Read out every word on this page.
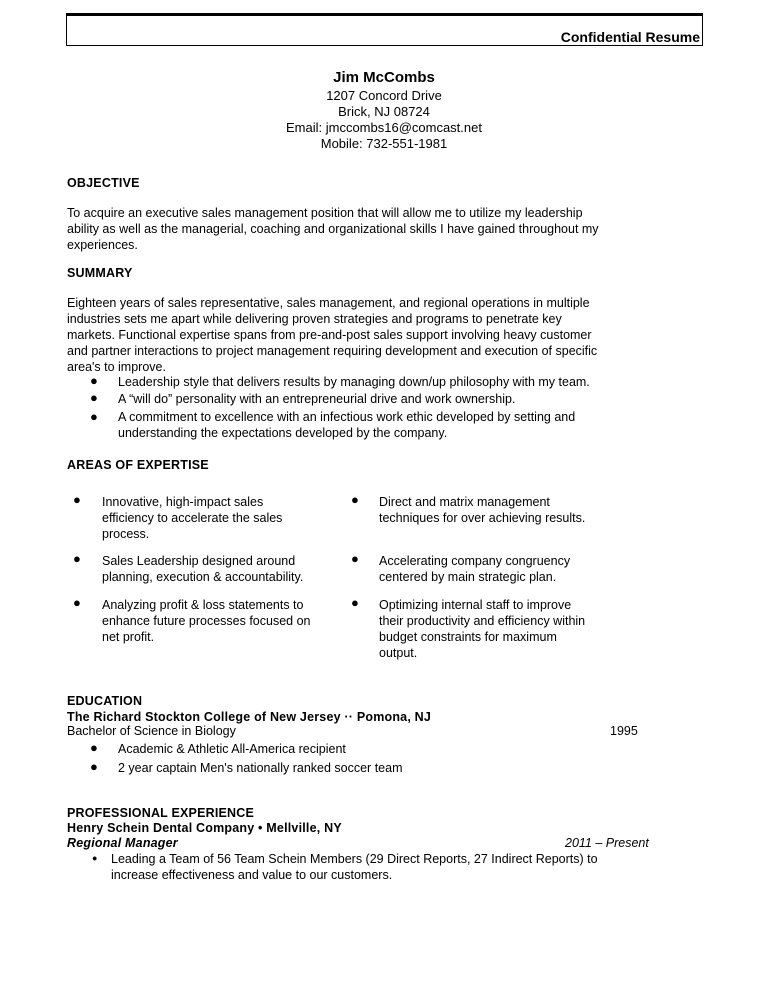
Confidential Resume
Jim McCombs
1207 Concord Drive
Brick, NJ 08724
Email: jmccombs16@comcast.net
Mobile: 732-551-1981
OBJECTIVE
To acquire an executive sales management position that will allow me to utilize my leadership
ability as well as the managerial, coaching and organizational skills I have gained throughout my
experiences.
SUMMARY
Eighteen years of sales representative, sales management, and regional operations in multiple
industries sets me apart while delivering proven strategies and programs to penetrate key
markets. Functional expertise spans from pre-and-post sales support involving heavy customer
and partner interactions to project management requiring development and execution of specific
area's to improve.
● Leadership style that delivers results by managing down/up philosophy with my team.
● A “will do” personality with an entrepreneurial drive and work ownership.
● A commitment to excellence with an infectious work ethic developed by setting and
understanding the expectations developed by the company.
AREAS OF EXPERTISE
● Innovative, high-impact sales
efficiency to accelerate the sales
process.
● Direct and matrix management
techniques for over achieving results.
● Sales Leadership designed around
planning, execution & accountability.
● Accelerating company congruency
centered by main strategic plan.
● Analyzing profit & loss statements to
enhance future processes focused on
net profit.
● Optimizing internal staff to improve
their productivity and efficiency within
budget constraints for maximum
output.
EDUCATION
The Richard Stockton College of New Jersey ·· Pomona, NJ
Bachelor of Science in Biology	1995
● Academic & Athletic All-America recipient
● 2 year captain Men's nationally ranked soccer team
PROFESSIONAL EXPERIENCE
Henry Schein Dental Company • Mellville, NY
Regional Manager	2011 – Present
● Leading a Team of 56 Team Schein Members (29 Direct Reports, 27 Indirect Reports) to
increase effectiveness and value to our customers.
